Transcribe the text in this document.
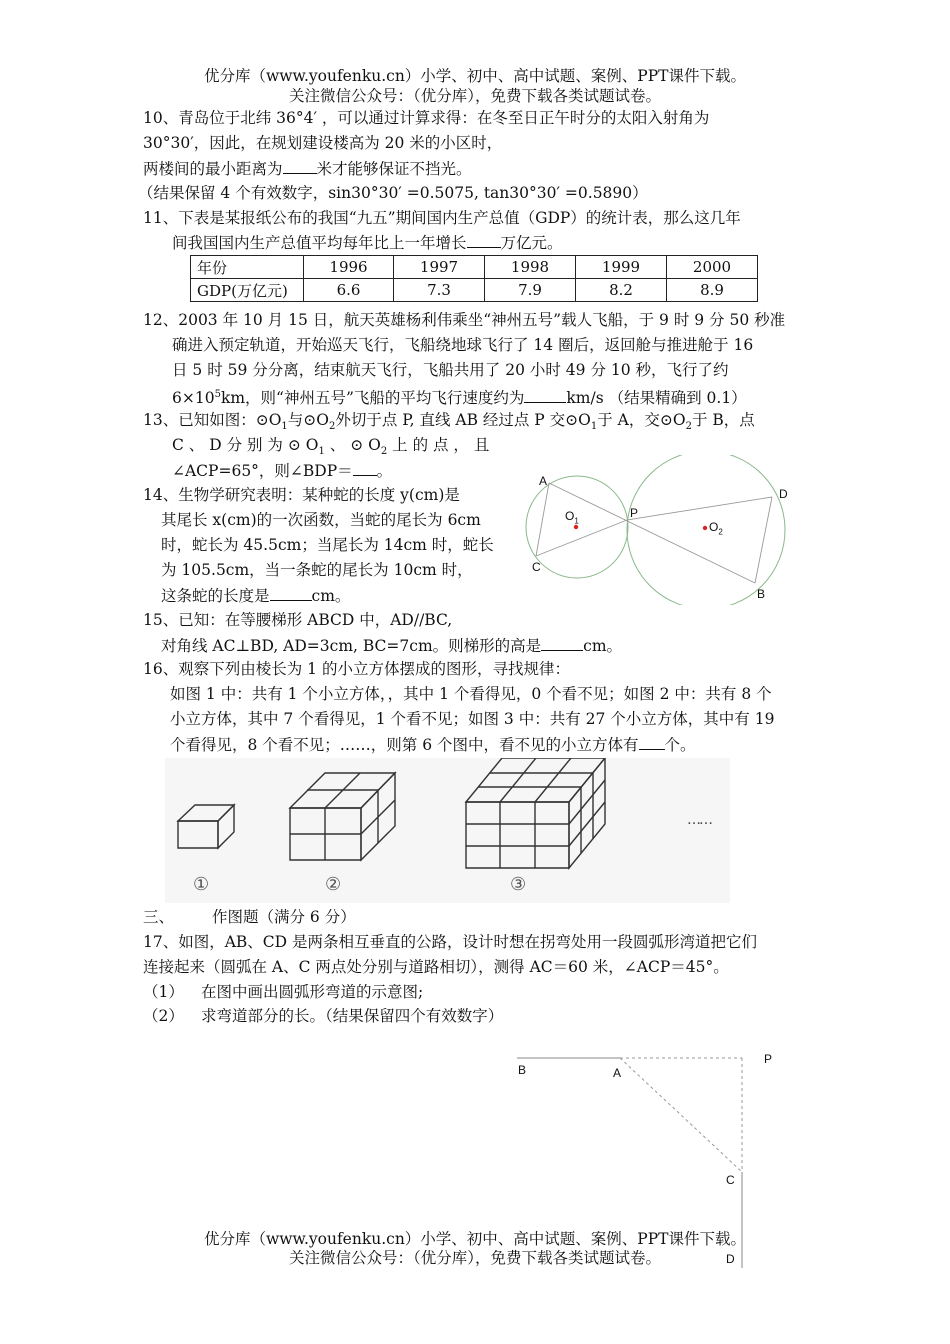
优分库（www.youfenku.cn）小学、初中、高中试题、案例、PPT课件下载。
关注微信公众号：（优分库），免费下载各类试题试卷。
10、青岛位于北纬 36°4′ ，可以通过计算求得：在冬至日正午时分的太阳入射角为
30°30′，因此，在规划建设楼高为 20 米的小区时，
两楼间的最小距离为 米才能够保证不挡光。
（结果保留 4 个有效数字，sin30°30′ =0.5075, tan30°30′ =0.5890）
11、下表是某报纸公布的我国“九五”期间国内生产总值（GDP）的统计表，那么这几年
间我国国内生产总值平均每年比上一年增长 万亿元。
年份	1996	1997	1998	1999	2000
GDP(万亿元)	6.6	7.3	7.9	8.2	8.9
12、2003 年 10 月 15 日，航天英雄杨利伟乘坐“神州五号”载人飞船，于 9 时 9 分 50 秒准
确进入预定轨道，开始巡天飞行，飞船绕地球飞行了 14 圈后，返回舱与推进舱于 16
日 5 时 59 分分离，结束航天飞行，飞船共用了 20 小时 49 分 10 秒，飞行了约
$6\times 10^5km$，则“神州五号”飞船的平均飞行速度约为	km/s （结果精确到 0.1）
13、已知如图：$⊙O_1$与$⊙O_2$外切于点 P, 直线 AB 经过点 P 交$⊙O_1$于 A，交$⊙O_2$于 B，点
C 、 D 分 别 为 ⊙ $O_1$ 、 ⊙ $O_2$ 上 的 点 ， 且
∠ACP=65°，则∠BDP＝ 。
A
D
$O_1$
P
$O_2$
C
B
14、生物学研究表明：某种蛇的长度 y(cm)是
其尾长 x(cm)的一次函数，当蛇的尾长为 6cm
时，蛇长为 45.5cm；当尾长为 14cm 时，蛇长
为 105.5cm，当一条蛇的尾长为 10cm 时，
这条蛇的长度是	cm。
15、已知：在等腰梯形 ABCD 中，AD//BC,
对角线 AC⊥BD, AD=3cm, BC=7cm。则梯形的高是	cm。
16、观察下列由棱长为 1 的小立方体摆成的图形，寻找规律：
如图 1 中：共有 1 个小立方体，，其中 1 个看得见，0 个看不见；如图 2 中：共有 8 个
小立方体，其中 7 个看得见，1 个看不见；如图 3 中：共有 27 个小立方体，其中有 19
个看得见，8 个看不见；……，则第 6 个图中，看不见的小立方体有 个。
①	②	③
……
三、 作图题（满分 6 分）
17、如图，AB、CD 是两条相互垂直的公路，设计时想在拐弯处用一段圆弧形湾道把它们
连接起来（圆弧在 A、C 两点处分别与道路相切），测得 AC＝60 米，∠ACP＝45°。
（1） 在图中画出圆弧形弯道的示意图;
（2） 求弯道部分的长。（结果保留四个有效数字）
B	A
P
C
D
优分库（www.youfenku.cn）小学、初中、高中试题、案例、PPT课件下载。
关注微信公众号：（优分库），免费下载各类试题试卷。
